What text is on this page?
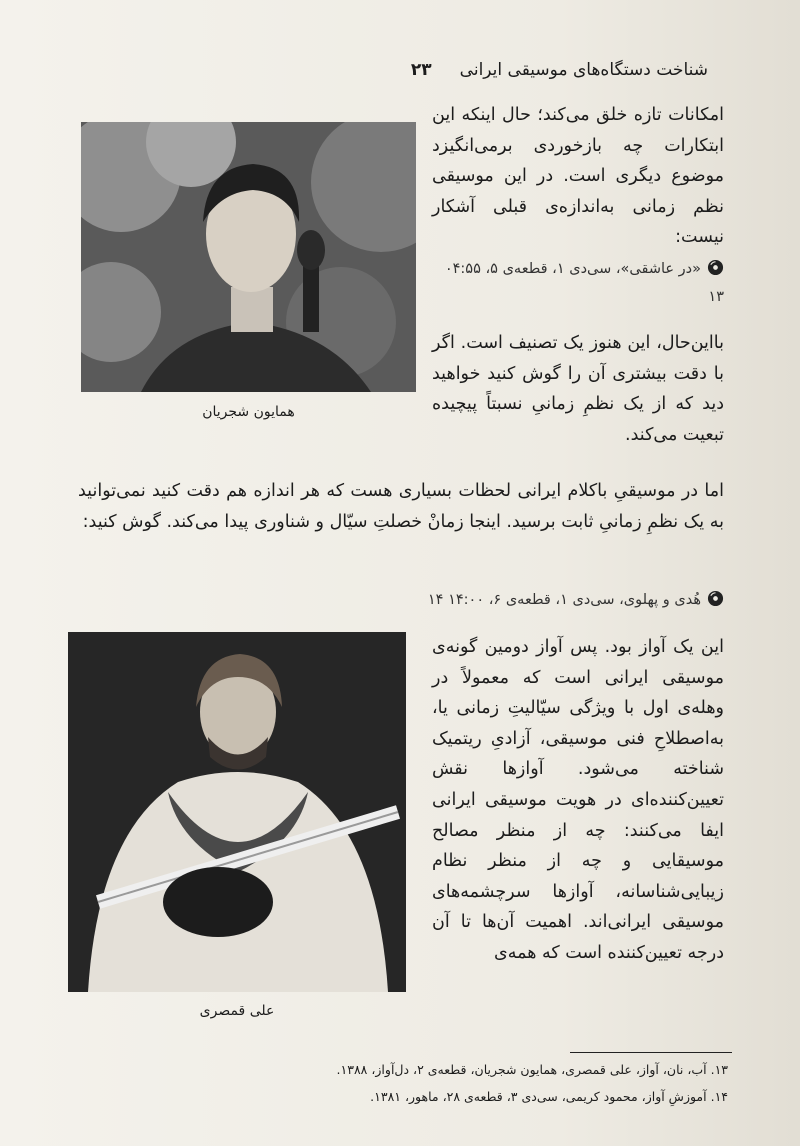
شناخت دستگاه‌های موسیقی ایرانی
۲۳
همایون شجریان
علی قمصری
امکانات تازه خلق می‌کند؛ حال اینکه این ابتکارات چه بازخوردی برمی‌انگیزد موضوع دیگری است. در این موسیقی نظم زمانی به‌اندازه‌ی قبلی آشکار نیست:
«در عاشقی»، سی‌دی ۱، قطعه‌ی ۵، ۰۴:۵۵ ۱۳
بااین‌حال، این هنوز یک تصنیف است. اگر با دقت بیشتری آن را گوش کنید خواهید دید که از یک نظمِ زمانیِ نسبتاً پیچیده تبعیت می‌کند.
اما در موسیقیِ باکلام ایرانی لحظات بسیاری هست که هر اندازه هم دقت کنید نمی‌توانید به یک نظمِ زمانیِ ثابت برسید. اینجا زمانْ خصلتِ سیّال و شناوری پیدا می‌کند. گوش کنید:
هُدی و پهلوی، سی‌دی ۱، قطعه‌ی ۶، ۱۴:۰۰ ۱۴
این یک آواز بود. پس آواز دومین گونه‌ی موسیقی ایرانی است که معمولاً در وهله‌ی اول با ویژگی سیّالیتِ زمانی یا، به‌اصطلاحِ فنی موسیقی، آزادیِ ریتمیک شناخته می‌شود. آوازها نقش تعیین‌کننده‌ای در هویت موسیقی ایرانی ایفا می‌کنند: چه از منظر مصالح موسیقایی و چه از منظر نظام زیبایی‌شناسانه، آوازها سرچشمه‌های موسیقی ایرانی‌اند. اهمیت آن‌ها تا آن درجه تعیین‌کننده است که همه‌ی
۱۳. آب، نان، آواز، علی قمصری، همایون شجریان، قطعه‌ی ۲، دل‌آواز، ۱۳۸۸.
۱۴. آموزشِ آواز، محمود کریمی، سی‌دی ۳، قطعه‌ی ۲۸، ماهور، ۱۳۸۱.
